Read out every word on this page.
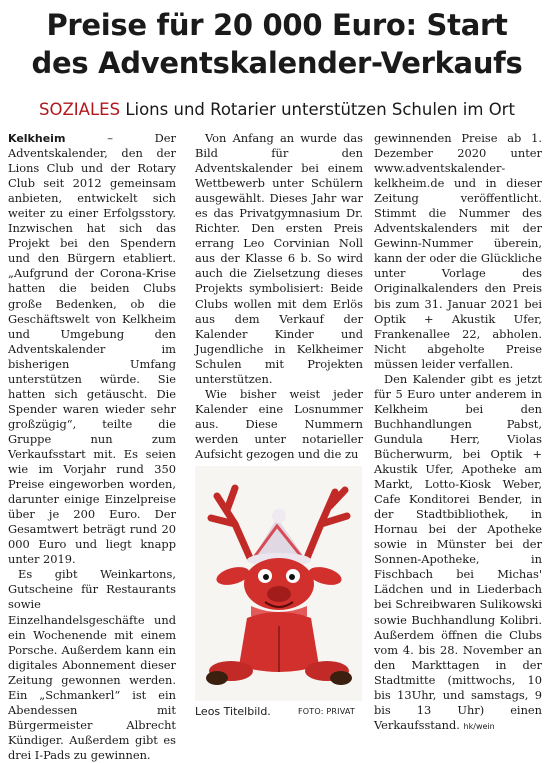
Preise für 20 000 Euro: Start
des Adventskalender-Verkaufs
SOZIALES Lions und Rotarier unterstützen Schulen im Ort

Kelkheim – Der Adventskalender, den der Lions Club und der Rotary Club seit 2012 gemeinsam anbieten, entwickelt sich weiter zu einer Erfolgsstory. Inzwischen hat sich das Projekt bei den Spendern und den Bürgern etabliert. „Aufgrund der Corona-Krise hatten die beiden Clubs große Bedenken, ob die Geschäftswelt von Kelkheim und Umgebung den Adventskalender im bisherigen Umfang unterstützen würde. Sie hatten sich getäuscht. Die Spender waren wieder sehr großzügig“, teilte die Gruppe nun zum Verkaufsstart mit. Es seien wie im Vorjahr rund 350 Preise eingeworben worden, darunter einige Einzelpreise über je 200 Euro. Der Gesamtwert beträgt rund 20 000 Euro und liegt knapp unter 2019.

Es gibt Weinkartons, Gutscheine für Restaurants sowie Einzelhandelsgeschäfte und ein Wochenende mit einem Porsche. Außerdem kann ein digitales Abonnement dieser Zeitung gewonnen werden. Ein „Schmankerl“ ist ein Abendessen mit Bürgermeister Albrecht Kündiger. Außerdem gibt es drei I-Pads zu gewinnen.

Von Anfang an wurde das Bild für den Adventskalender bei einem Wettbewerb unter Schülern ausgewählt. Dieses Jahr war es das Privatgymnasium Dr. Richter. Den ersten Preis errang Leo Corvinian Noll aus der Klasse 6 b. So wird auch die Zielsetzung dieses Projekts symbolisiert: Beide Clubs wollen mit dem Erlös aus dem Verkauf der Kalender Kinder und Jugendliche in Kelkheimer Schulen mit Projekten unterstützen.

Wie bisher weist jeder Kalender eine Losnummer aus. Diese Nummern werden unter notarieller Aufsicht gezogen und die zu

Leos Titelbild.	FOTO: PRIVAT

gewinnenden Preise ab 1. Dezember 2020 unter www.adventskalender-kelkheim.de und in dieser Zeitung veröffentlicht. Stimmt die Nummer des Adventskalenders mit der Gewinn-Nummer überein, kann der oder die Glückliche unter Vorlage des Originalkalenders den Preis bis zum 31. Januar 2021 bei Optik + Akustik Ufer, Frankenallee 22, abholen. Nicht abgeholte Preise müssen leider verfallen.

Den Kalender gibt es jetzt für 5 Euro unter anderem in Kelkheim bei den Buchhandlungen Pabst, Gundula Herr, Violas Bücherwurm, bei Optik + Akustik Ufer, Apotheke am Markt, Lotto-Kiosk Weber, Cafe Konditorei Bender, in der Stadtbibliothek, in Hornau bei der Apotheke sowie in Münster bei der Sonnen-Apotheke, in Fischbach bei Michas' Lädchen und in Liederbach bei Schreibwaren Sulikowski sowie Buchhandlung Kolibri. Außerdem öffnen die Clubs vom 4. bis 28. November an den Markttagen in der Stadtmitte (mittwochs, 10 bis 13Uhr, und samstags, 9 bis 13 Uhr) einen Verkaufsstand. hk/wein
